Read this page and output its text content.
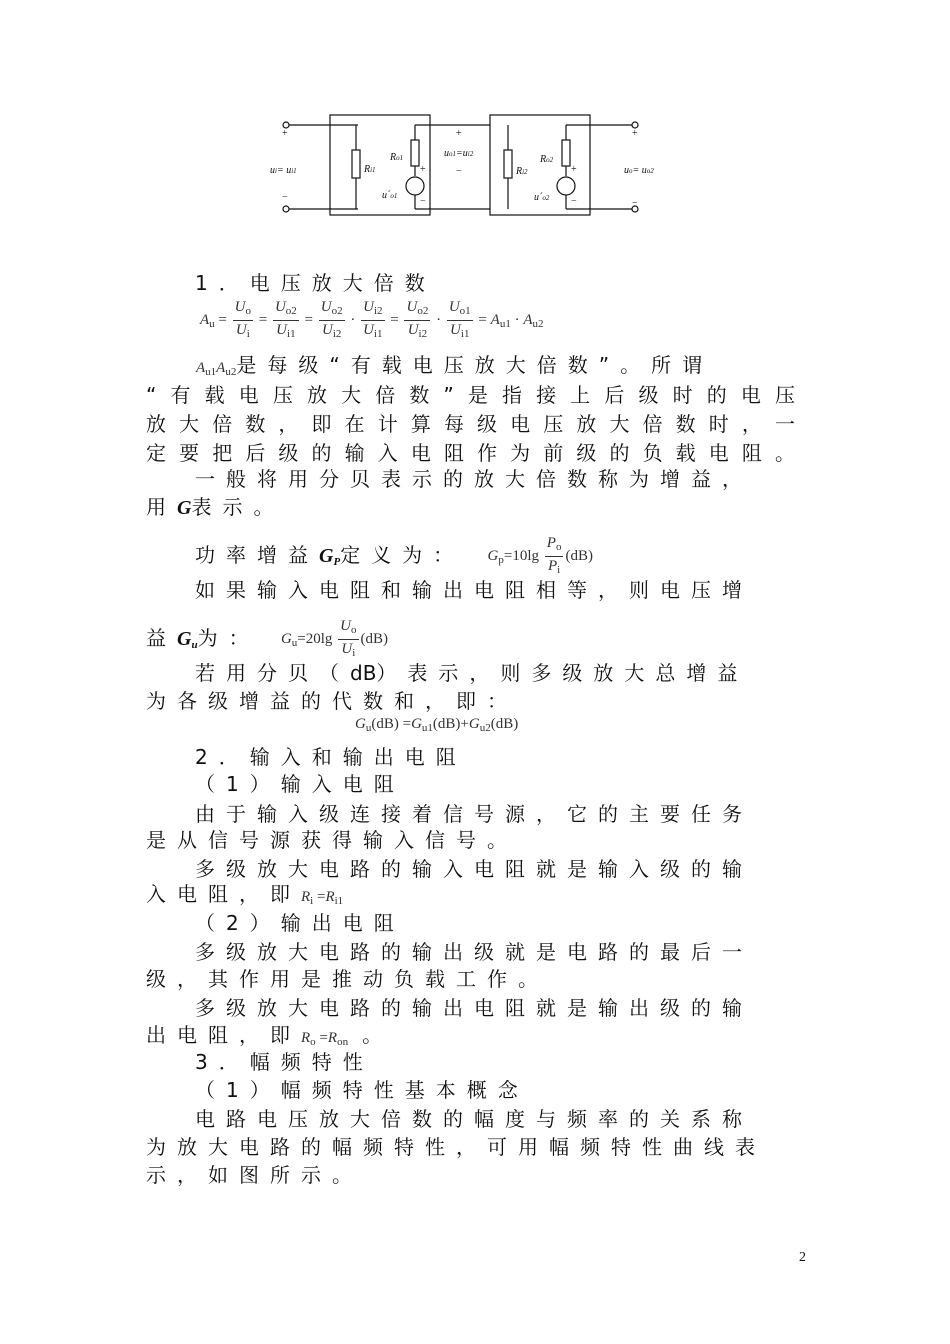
+
−
ui= ui1	Ri1
Ro1
+
−
u´o1
+
uo1=ui2
−	Ri2
Ro2
+
−
u´o2
+
−
uo= uo2
1．电压放大倍数
$A_u = \frac{U_o}{U_i} = \frac{U_{o2}}{U_{i1}} = \frac{U_{o2}}{U_{i2}} \cdot \frac{U_{i2}}{U_{i1}} = \frac{U_{o2}}{U_{i2}} \cdot \frac{U_{o1}}{U_{i1}} = A_{u1} \cdot A_{u2}$
$A_{u1}A_{u2}$是每级“有载电压放大倍数”。所谓
“有载电压放大倍数”是指接上后级时的电压
放大倍数，即在计算每级电压放大倍数时，一
定要把后级的输入电阻作为前级的负载电阻。
一般将用分贝表示的放大倍数称为增益，
用G表示。
功率增益$G_P$定义为： $G_p=10\lg \frac{P_o}{P_i} (dB)$
如果输入电阻和输出电阻相等，则电压增
益$G_u$为： $G_u=20\lg \frac{U_o}{U_i} (dB)$
若用分贝（dB）表示，则多级放大总增益
为各级增益的代数和，即：
$G_u(dB) =G_{u1}(dB)+G_{u2}(dB)$
2．输入和输出电阻
（1）输入电阻
由于输入级连接着信号源，它的主要任务
是从信号源获得输入信号。
多级放大电路的输入电阻就是输入级的输
入电阻，即$R_i =R_{i1}$
（2）输出电阻
多级放大电路的输出级就是电路的最后一
级，其作用是推动负载工作。
多级放大电路的输出电阻就是输出级的输
出电阻，即$R_o =R_{on}$ 。
3．幅频特性
（1）幅频特性基本概念
电路电压放大倍数的幅度与频率的关系称
为放大电路的幅频特性，可用幅频特性曲线表
示，如图所示。
2
